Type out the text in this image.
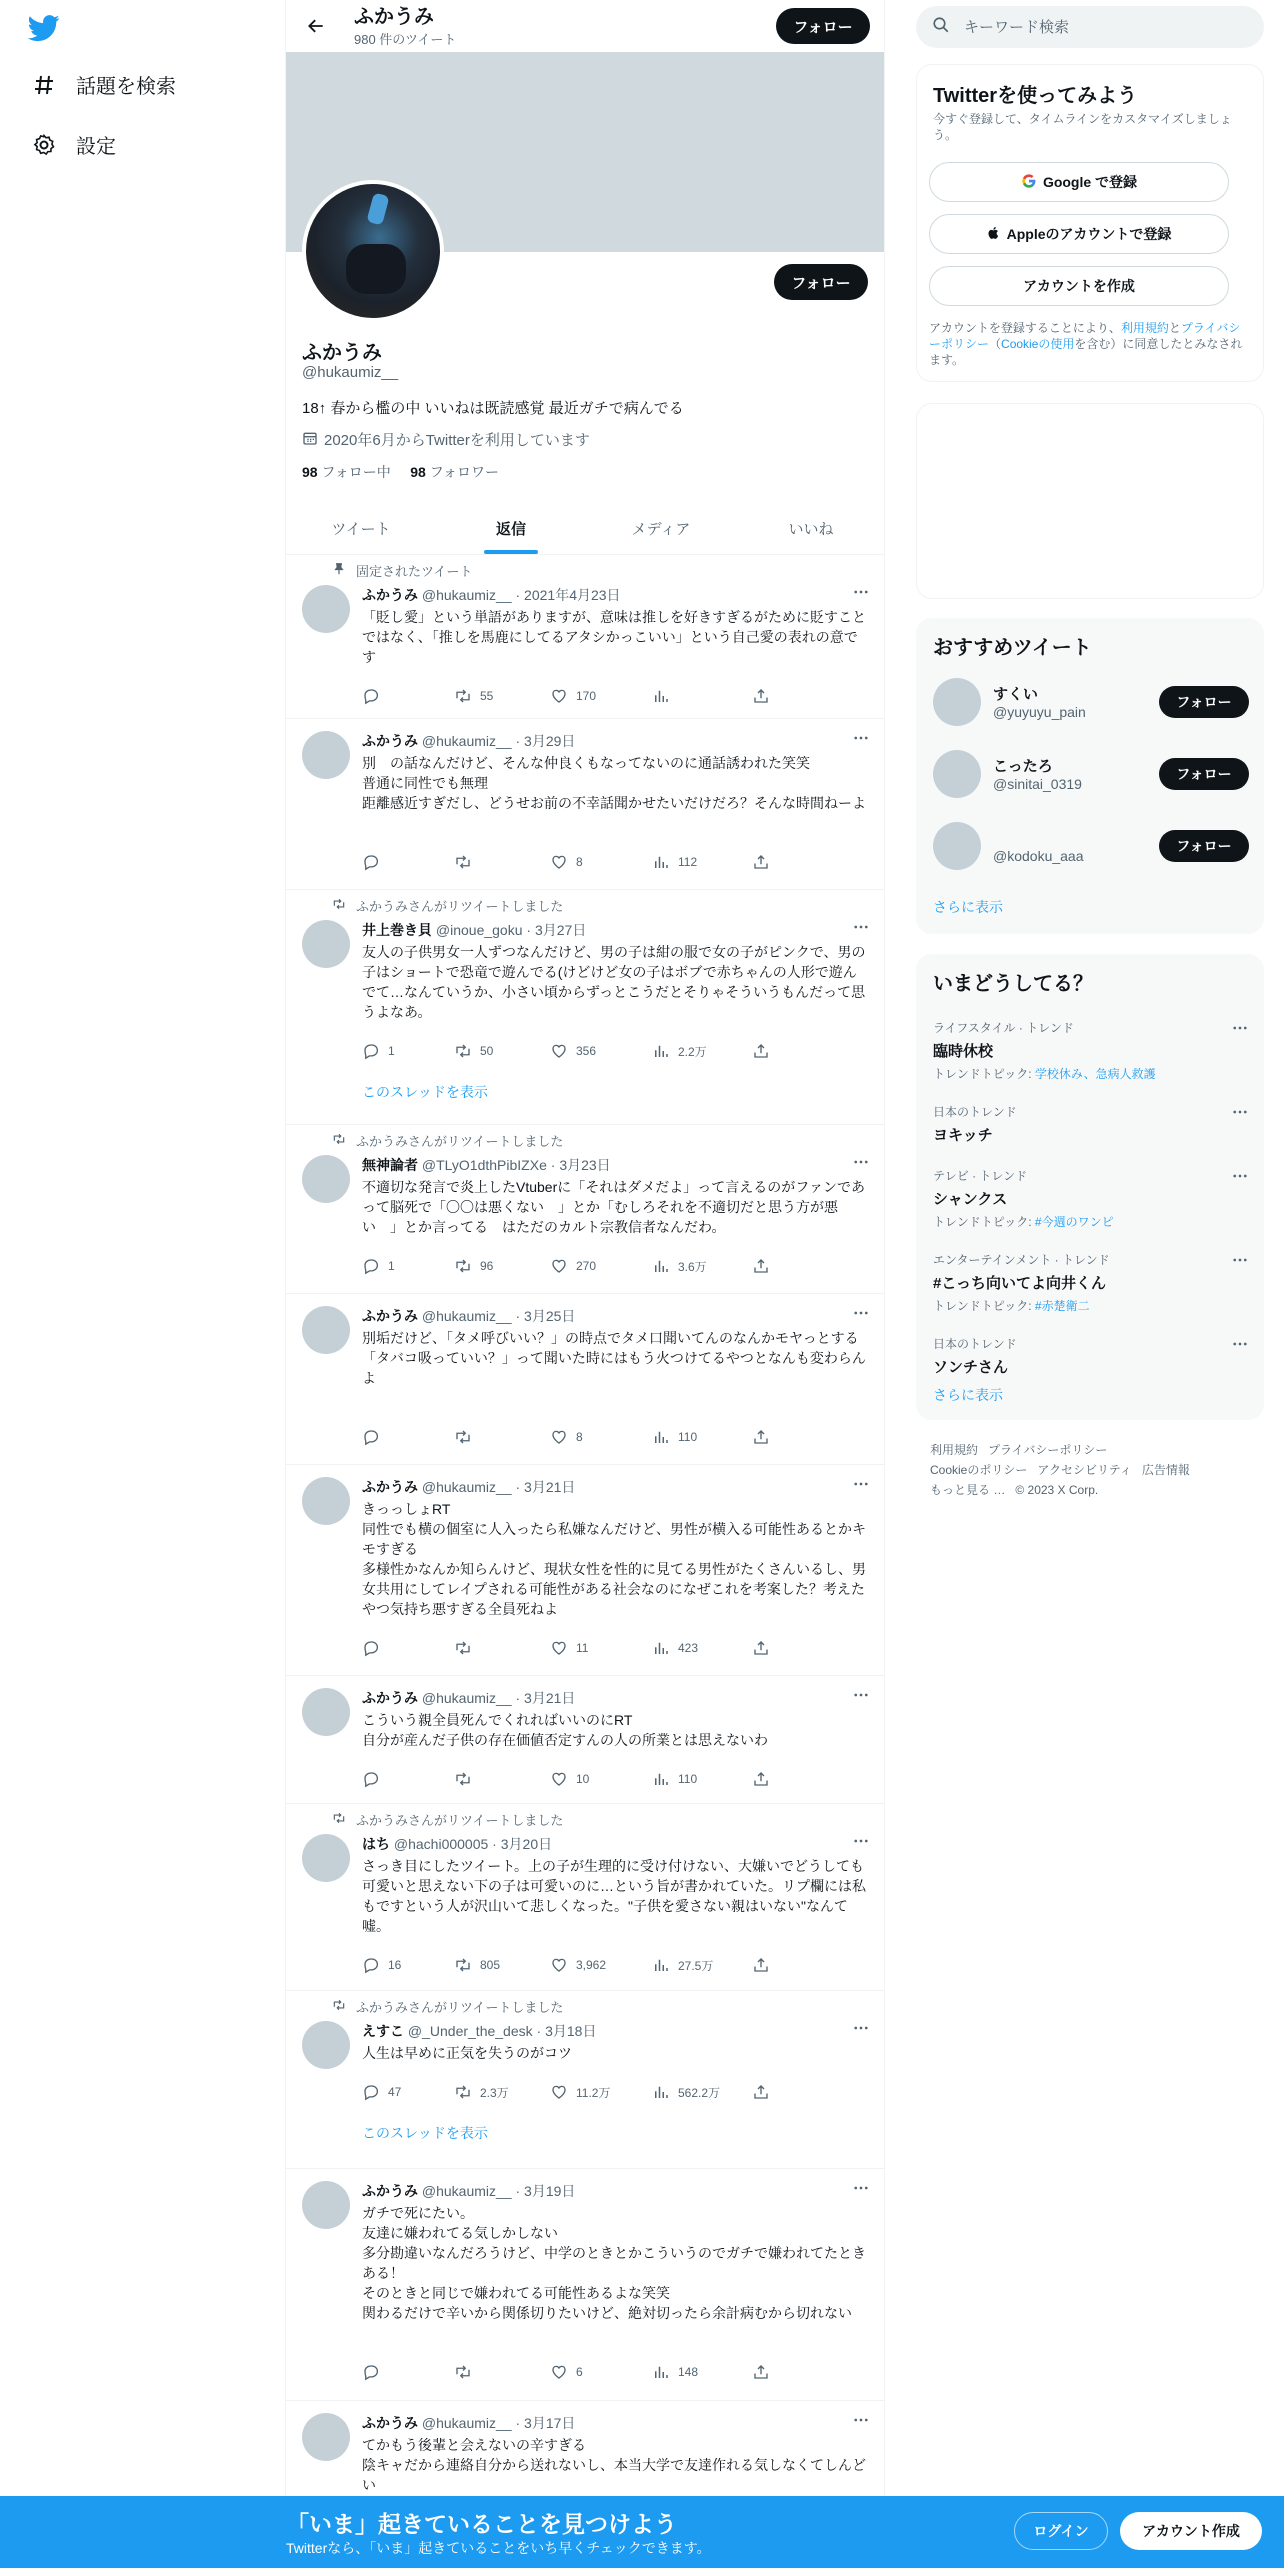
話題を検索
設定
ふかうみ
980 件のツイート
フォロー
フォロー
ふかうみ
@hukaumiz__
18↑ 春から檻の中 いいねは既読感覚 最近ガチで病んでる
2020年6月からTwitterを利用しています
98 フォロー中 98 フォロワー
ツイート	返信	メディア	いいね
固定されたツイート
ふかうみ @hukaumiz__ · 2021年4月23日
「貶し愛」という単語がありますが、意味は推しを好きすぎるがために貶すことではなく、「推しを馬鹿にしてるアタシかっこいい」という自己愛の表れの意です
55	170
ふかうみ @hukaumiz__ · 3月29日
別　の話なんだけど、そんな仲良くもなってないのに通話誘われた笑笑
普通に同性でも無理
距離感近すぎだし、どうせお前の不幸話聞かせたいだけだろ？そんな時間ねーよ
8	112
ふかうみさんがリツイートしました
井上巻き貝 @inoue_goku · 3月27日
友人の子供男女一人ずつなんだけど、男の子は紺の服で女の子がピンクで、男の子はショートで恐竜で遊んでる(けどけど女の子はボブで赤ちゃんの人形で遊んでて…なんていうか、小さい頃からずっとこうだとそりゃそういうもんだって思うよなあ。
1	50	356	2.2万
このスレッドを表示
ふかうみさんがリツイートしました
無神論者 @TLyO1dthPibIZXe · 3月23日
不適切な発言で炎上したVtuberに「それはダメだよ」って言えるのがファンであって脳死で「〇〇は悪くない　」とか「むしろそれを不適切だと思う方が悪い　」とか言ってる　はただのカルト宗教信者なんだわ。
1	96	270	3.6万
ふかうみ @hukaumiz__ · 3月25日
別垢だけど、「タメ呼びいい？」の時点でタメ口聞いてんのなんかモヤっとする
「タバコ吸っていい？」って聞いた時にはもう火つけてるやつとなんも変わらんよ
8	110
ふかうみ @hukaumiz__ · 3月21日
きっっしょRT
同性でも横の個室に人入ったら私嫌なんだけど、男性が横入る可能性あるとかキモすぎる
多様性かなんか知らんけど、現状女性を性的に見てる男性がたくさんいるし、男女共用にしてレイプされる可能性がある社会なのになぜこれを考案した？考えたやつ気持ち悪すぎる全員死ねよ
11	423
ふかうみ @hukaumiz__ · 3月21日
こういう親全員死んでくれればいいのにRT
自分が産んだ子供の存在価値否定すんの人の所業とは思えないわ
10	110
ふかうみさんがリツイートしました
はち @hachi000005 · 3月20日
さっき目にしたツイート。上の子が生理的に受け付けない、大嫌いでどうしても可愛いと思えない下の子は可愛いのに…という旨が書かれていた。リプ欄には私もですという人が沢山いて悲しくなった。"子供を愛さない親はいない"なんて嘘。
16	805	3,962	27.5万
ふかうみさんがリツイートしました
えすこ @_Under_the_desk · 3月18日
人生は早めに正気を失うのがコツ
47	2.3万	11.2万	562.2万
このスレッドを表示
ふかうみ @hukaumiz__ · 3月19日
ガチで死にたい。
友達に嫌われてる気しかしない
多分勘違いなんだろうけど、中学のときとかこういうのでガチで嫌われてたときある！
そのときと同じで嫌われてる可能性あるよな笑笑
関わるだけで辛いから関係切りたいけど、絶対切ったら余計病むから切れない
6	148
ふかうみ @hukaumiz__ · 3月17日
てかもう後輩と会えないの辛すぎる
陰キャだから連絡自分から送れないし、本当大学で友達作れる気しなくてしんどい
キーワード検索
Twitterを使ってみよう
今すぐ登録して、タイムラインをカスタマイズしましょう。
Google で登録
Appleのアカウントで登録
アカウントを作成
アカウントを登録することにより、利用規約とプライバシーポリシー（Cookieの使用を含む）に同意したとみなされます。
おすすめツイート
すくい
@yuyuyu_pain
フォロー
こったろ
@sinitai_0319
フォロー
@kodoku_aaa
フォロー
さらに表示
いまどうしてる？
ライフスタイル · トレンド
臨時休校
トレンドトピック: 学校休み、急病人救護
日本のトレンド
ヨキッチ
テレビ · トレンド
シャンクス
トレンドトピック: #今週のワンピ
エンターテインメント · トレンド
#こっち向いてよ向井くん
トレンドトピック: #赤楚衛二
日本のトレンド
ソンチさん
さらに表示
利用規約 プライバシーポリシー
Cookieのポリシー アクセシビリティ 広告情報
もっと見る … © 2023 X Corp.
「いま」起きていることを見つけよう
Twitterなら、「いま」起きていることをいち早くチェックできます。
ログイン	アカウント作成
